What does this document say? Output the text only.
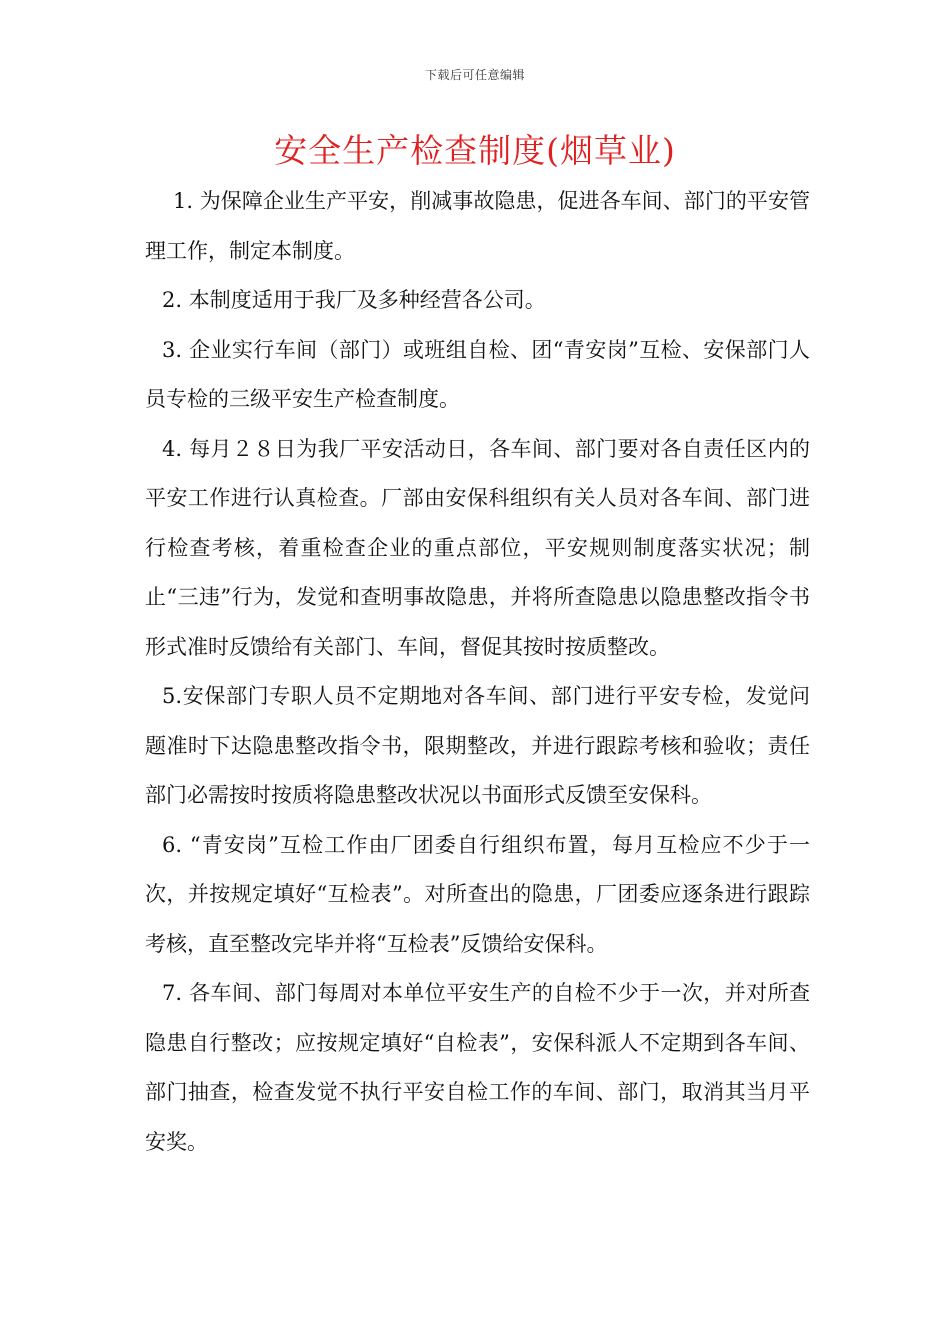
下载后可任意编辑
安全生产检查制度(烟草业)

1. 为保障企业生产平安，削减事故隐患，促进各车间、部门的平安管理工作，制定本制度。

2. 本制度适用于我厂及多种经营各公司。

3. 企业实行车间（部门）或班组自检、团“青安岗”互检、安保部门人员专检的三级平安生产检查制度。

4. 每月２８日为我厂平安活动日，各车间、部门要对各自责任区内的平安工作进行认真检查。厂部由安保科组织有关人员对各车间、部门进行检查考核，着重检查企业的重点部位，平安规则制度落实状况；制止“三违”行为，发觉和查明事故隐患，并将所查隐患以隐患整改指令书形式准时反馈给有关部门、车间，督促其按时按质整改。

5.安保部门专职人员不定期地对各车间、部门进行平安专检，发觉问题准时下达隐患整改指令书，限期整改，并进行跟踪考核和验收；责任部门必需按时按质将隐患整改状况以书面形式反馈至安保科。

6. “青安岗”互检工作由厂团委自行组织布置，每月互检应不少于一次，并按规定填好“互检表”。对所查出的隐患，厂团委应逐条进行跟踪考核，直至整改完毕并将“互检表”反馈给安保科。

7. 各车间、部门每周对本单位平安生产的自检不少于一次，并对所查隐患自行整改；应按规定填好“自检表”，安保科派人不定期到各车间、部门抽查，检查发觉不执行平安自检工作的车间、部门，取消其当月平安奖。
